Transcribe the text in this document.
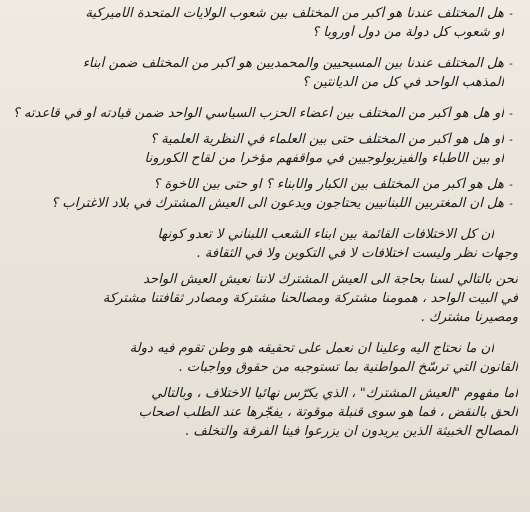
-
هل المختلف عندنا هو أكبر من المختلف بين شعوب الولايات المتحدة الأميركية
او شعوب كل دولة من دول أوروبا ؟
-
هل المختلف عندنا بين المسيحيين والمحمديين هو أكبر من المختلف ضمن أبناء
المذهب الواحد في كل من الديانتين ؟
-
أو هل هو أكبر من المختلف بين أعضاء الحزب السياسي الواحد ضمن قيادته أو في قاعدته ؟
-
أو هل هو أكبر من المختلف حتى بين العلماء في النظرية العلمية ؟
او بين الأطباء والفيزيولوجيين في مواقفهم مؤخراً من لقاح الكورونا
-
هل هو أكبر من المختلف بين الكبار والأبناء ؟ او حتى بين الأخوة ؟
-
هل ان المغتربين اللبنانيين يحتاجون ويدعون الى العيش المشترك في بلاد الاغتراب ؟
ان كل الاختلافات القائمة بين ابناء الشعب اللبناني لا تعدو كونها
وجهات نظر وليست اختلافات لا في التكوين ولا في الثقافة .
نحن بالتالي لسنا بحاجة الى العيش المشترك لاننا نعيش العيش الواحد
في البيت الواحد ، همومنا مشتركة ومصالحنا مشتركة ومصادر ثقافتنا مشتركة
ومصيرنا مشترك .
ان ما نحتاج اليه وعلينا ان نعمل على تحقيقه هو وطن تقوم فيه دولة
القانون التي ترسّخ المواطنية بما تستوجبه من حقوق وواجبات .
أما مفهوم "العيش المشترك" ، الذي يكرّس نهائياً الاختلاف ، وبالتالي
الحق بالنقض ، فما هو سوى قنبلة موقوتة ، يفجّرها عند الطلب أصحاب
المصالح الخبيثة الذين يريدون ان يزرعوا فينا الفرقة والتخلف .
